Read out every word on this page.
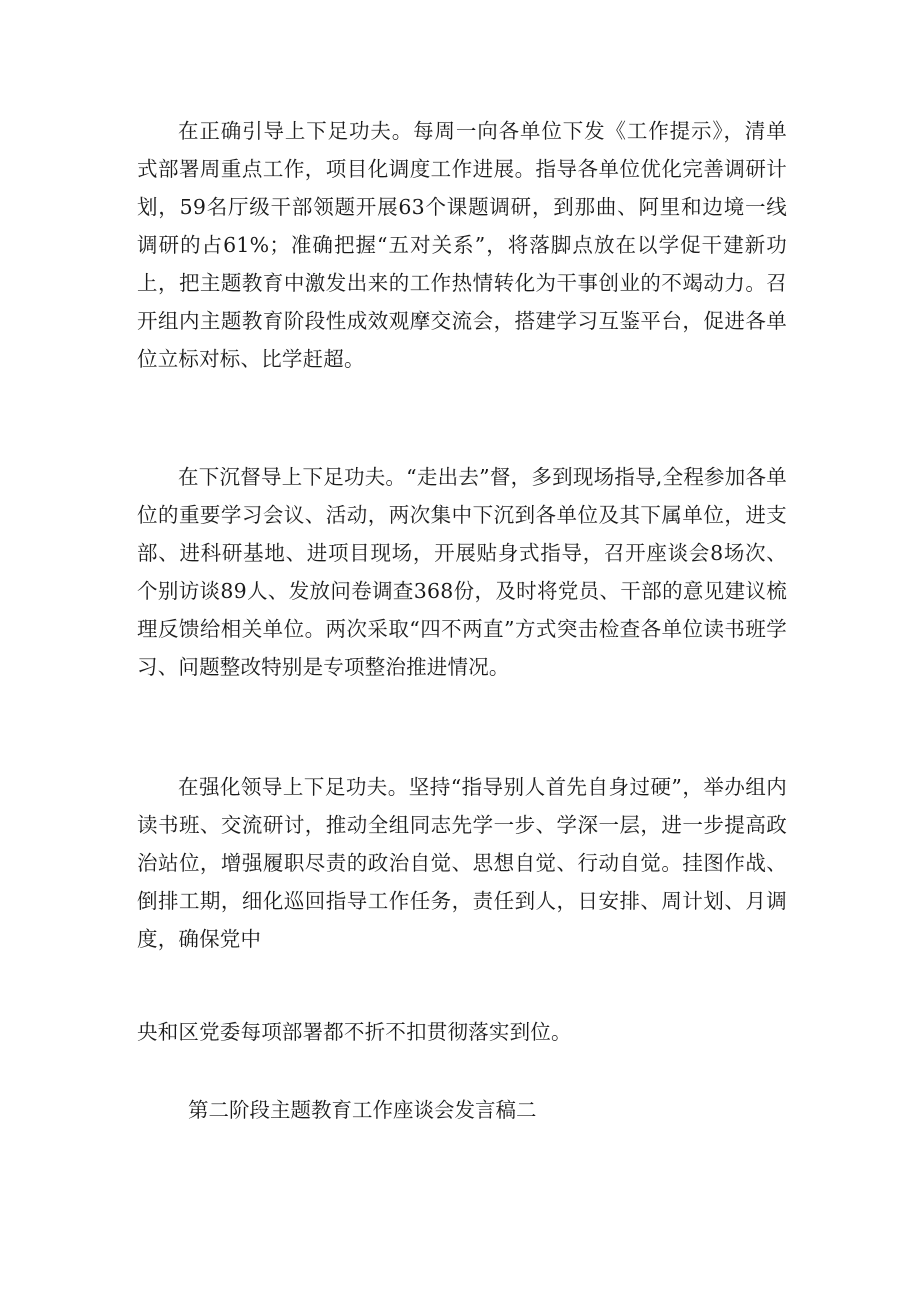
在正确引导上下足功夫。每周一向各单位下发《工作提示》，清单式部署周重点工作，项目化调度工作进展。指导各单位优化完善调研计划，59名厅级干部领题开展63个课题调研，到那曲、阿里和边境一线调研的占61%；准确把握“五对关系”，将落脚点放在以学促干建新功上，把主题教育中激发出来的工作热情转化为干事创业的不竭动力。召开组内主题教育阶段性成效观摩交流会，搭建学习互鉴平台，促进各单位立标对标、比学赶超。

在下沉督导上下足功夫。“走出去”督，多到现场指导,全程参加各单位的重要学习会议、活动，两次集中下沉到各单位及其下属单位，进支部、进科研基地、进项目现场，开展贴身式指导，召开座谈会8场次、个别访谈89人、发放问卷调查368份，及时将党员、干部的意见建议梳理反馈给相关单位。两次采取“四不两直”方式突击检查各单位读书班学习、问题整改特别是专项整治推进情况。

在强化领导上下足功夫。坚持“指导别人首先自身过硬”，举办组内读书班、交流研讨，推动全组同志先学一步、学深一层，进一步提高政治站位，增强履职尽责的政治自觉、思想自觉、行动自觉。挂图作战、倒排工期，细化巡回指导工作任务，责任到人，日安排、周计划、月调度，确保党中

央和区党委每项部署都不折不扣贯彻落实到位。

第二阶段主题教育工作座谈会发言稿二
